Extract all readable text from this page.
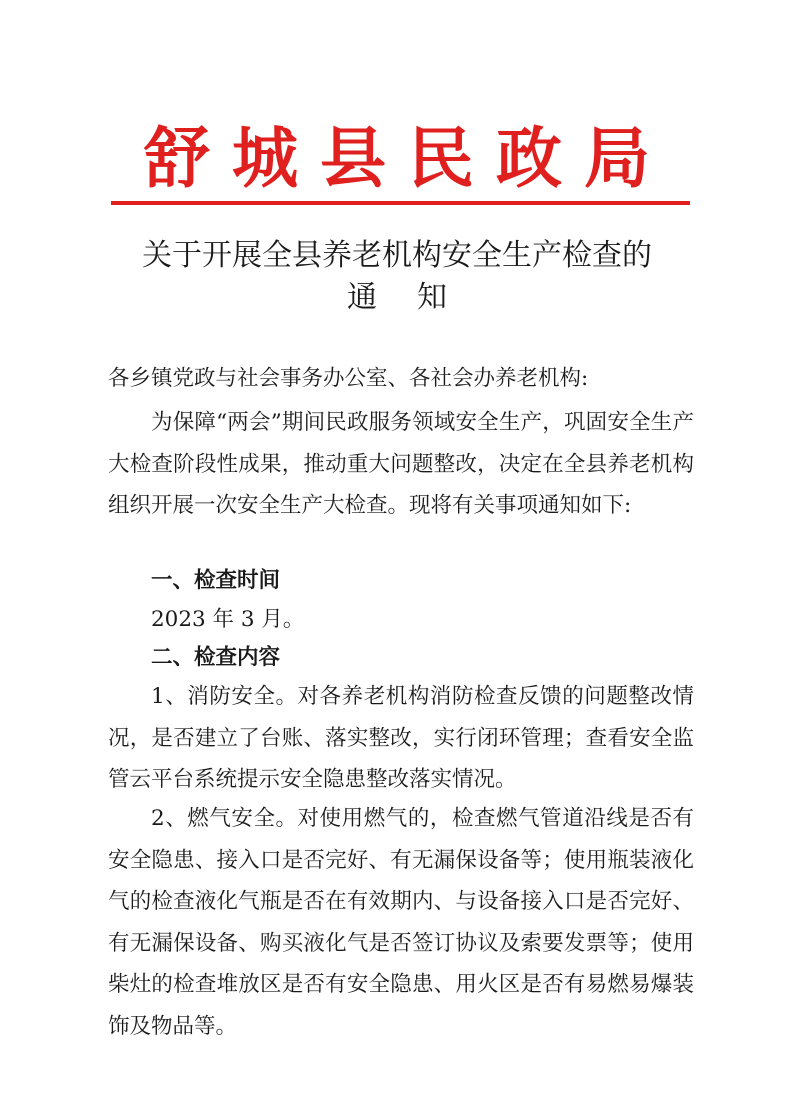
舒城县民政局
关于开展全县养老机构安全生产检查的
通知
各乡镇党政与社会事务办公室、各社会办养老机构:
为保障“两会”期间民政服务领域安全生产，巩固安全生产大检查阶段性成果，推动重大问题整改，决定在全县养老机构组织开展一次安全生产大检查。现将有关事项通知如下:
一、检查时间
2023 年 3 月。
二、检查内容
1、消防安全。对各养老机构消防检查反馈的问题整改情况，是否建立了台账、落实整改，实行闭环管理；查看安全监管云平台系统提示安全隐患整改落实情况。
2、燃气安全。对使用燃气的，检查燃气管道沿线是否有安全隐患、接入口是否完好、有无漏保设备等；使用瓶装液化气的检查液化气瓶是否在有效期内、与设备接入口是否完好、有无漏保设备、购买液化气是否签订协议及索要发票等；使用柴灶的检查堆放区是否有安全隐患、用火区是否有易燃易爆装饰及物品等。
